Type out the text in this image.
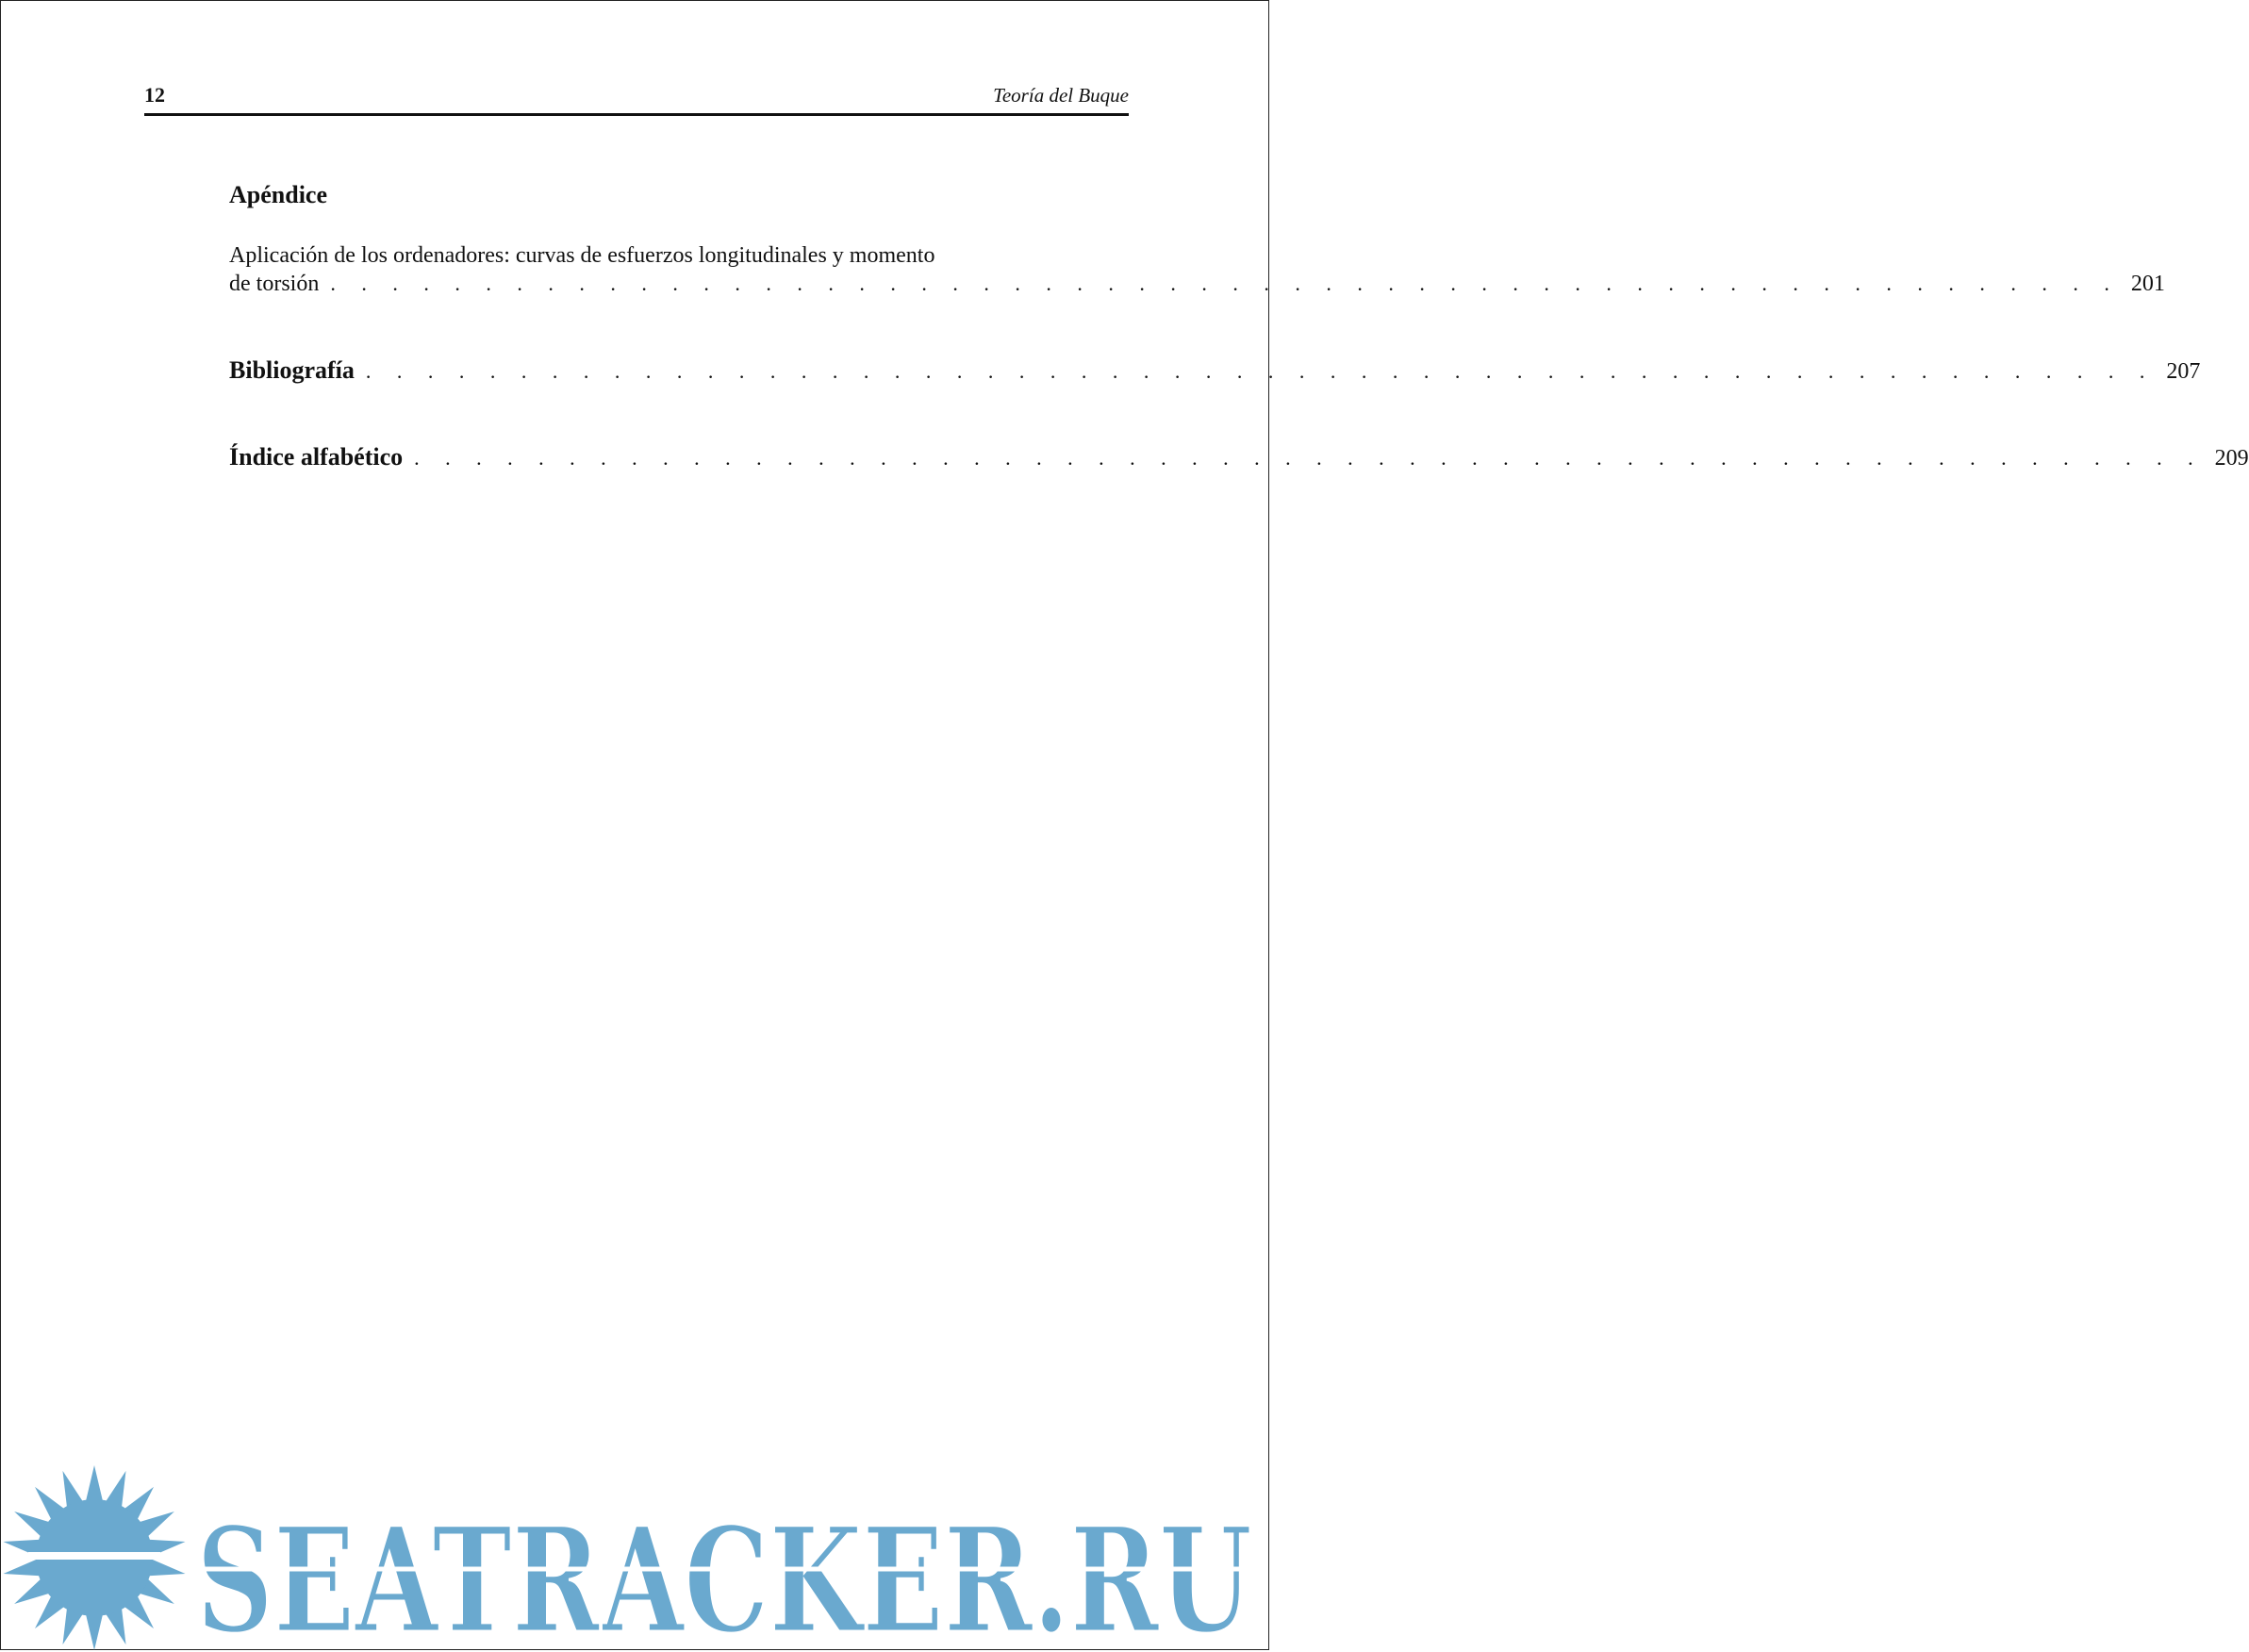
12	Teoría del Buque
Apéndice
Aplicación de los ordenadores: curvas de esfuerzos longitudinales y momento
de torsión . . . . . . . . . . . . . . . . . . . . . . . . . . . . . . . . . . . . . . . . . . . . . . . . . . . . . . . . . . 201
Bibliografía . . . . . . . . . . . . . . . . . . . . . . . . . . . . . . . . . . . . . . . . . . . . . . . . . . . . . . . . . . 207
Índice alfabético . . . . . . . . . . . . . . . . . . . . . . . . . . . . . . . . . . . . . . . . . . . . . . . . . . . . . . . . . . 209
SEATRACKER.RU
